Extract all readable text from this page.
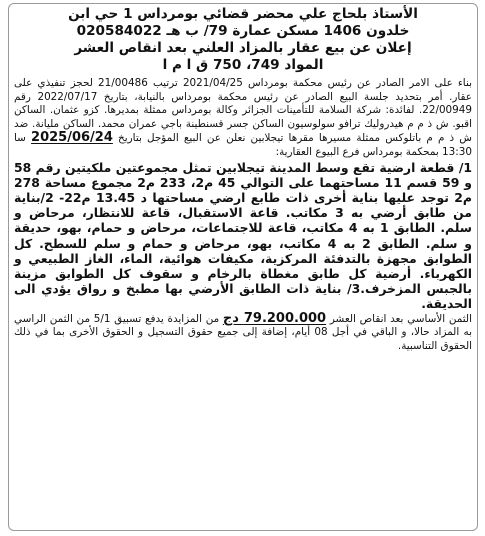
الأستاذ بلحاج علي محضر قضائي بومرداس 1 حي ابن

خلدون 1406 مسكن عمارة 79/ ب هـ 020584022

إعلان عن بيع عقار بالمزاد العلني بعد انقاص العشر

المواد 749، 750 ق ا م ا

بناء على الامر الصادر عن رئيس محكمة بومرداس 2021/04/25 ترتيب 21/00486 لحجز تنفيذي على عقار. أمر بتحديد جلسة البيع الصادر عن رئيس محكمة بومرداس بالنيابة، بتاريخ 2022/07/17 رقم 22/00949. لفائدة: شركة السلامة للتأمينات الجزائر وكالة بومرداس ممثلة بمديرها. كزو عثمان. الساكن اقبو. ش ذ م م هيدروليك ترافو سولوسيون الساكن جسر قسنطينة باجي عمران محمد. الساكن مليانة. ضد ش ذ م م باتلوكس ممثلة مسيرها مقرها تيجلابين نعلن عن البيع المؤجل بتاريخ 2025/06/24 سا 13:30 بمحكمة بومرداس فرع البيوع العقارية:

1/ قطعة ارضية تقع وسط المدينة تيجلابين تمثل مجموعتين ملكيتين رقم 58 و 59 قسم 11 مساحتهما على التوالي 45 م2، 233 م2 مجموع مساحة 278 م2 توجد عليها بناية أخرى ذات طابع ارضي مساحتها د 13.45 م22- 2/بناية من طابق أرضي به 3 مكاتب. قاعة الاستقبال، قاعة للانتظار، مرحاض و سلم. الطابق 1 به 4 مكاتب، قاعة للاجتماعات، مرحاض و حمام، بهو، حديقة و سلم. الطابق 2 به 4 مكاتب، بهو، مرحاض و حمام و سلم للسطح. كل الطوابق مجهزة بالتدفئة المركزية، مكيفات هوائية، الماء، الغاز الطبيعي و الكهرباء. أرضية كل طابق مغطاة بالرخام و سقوف كل الطوابق مزينة بالجبس المزخرف.3/ بناية ذات الطابق الأرضي بها مطبخ و رواق يؤدي الى الحديقة.

الثمن الأساسي بعد انقاص العشر 79.200.000 دج من المزايدة يدفع تسبيق 5/1 من الثمن الراسي به المزاد حالا، و الباقي في أجل 08 أيام، إضافة إلى جميع حقوق التسجيل و الحقوق الأخرى بما في ذلك الحقوق التناسبية.
